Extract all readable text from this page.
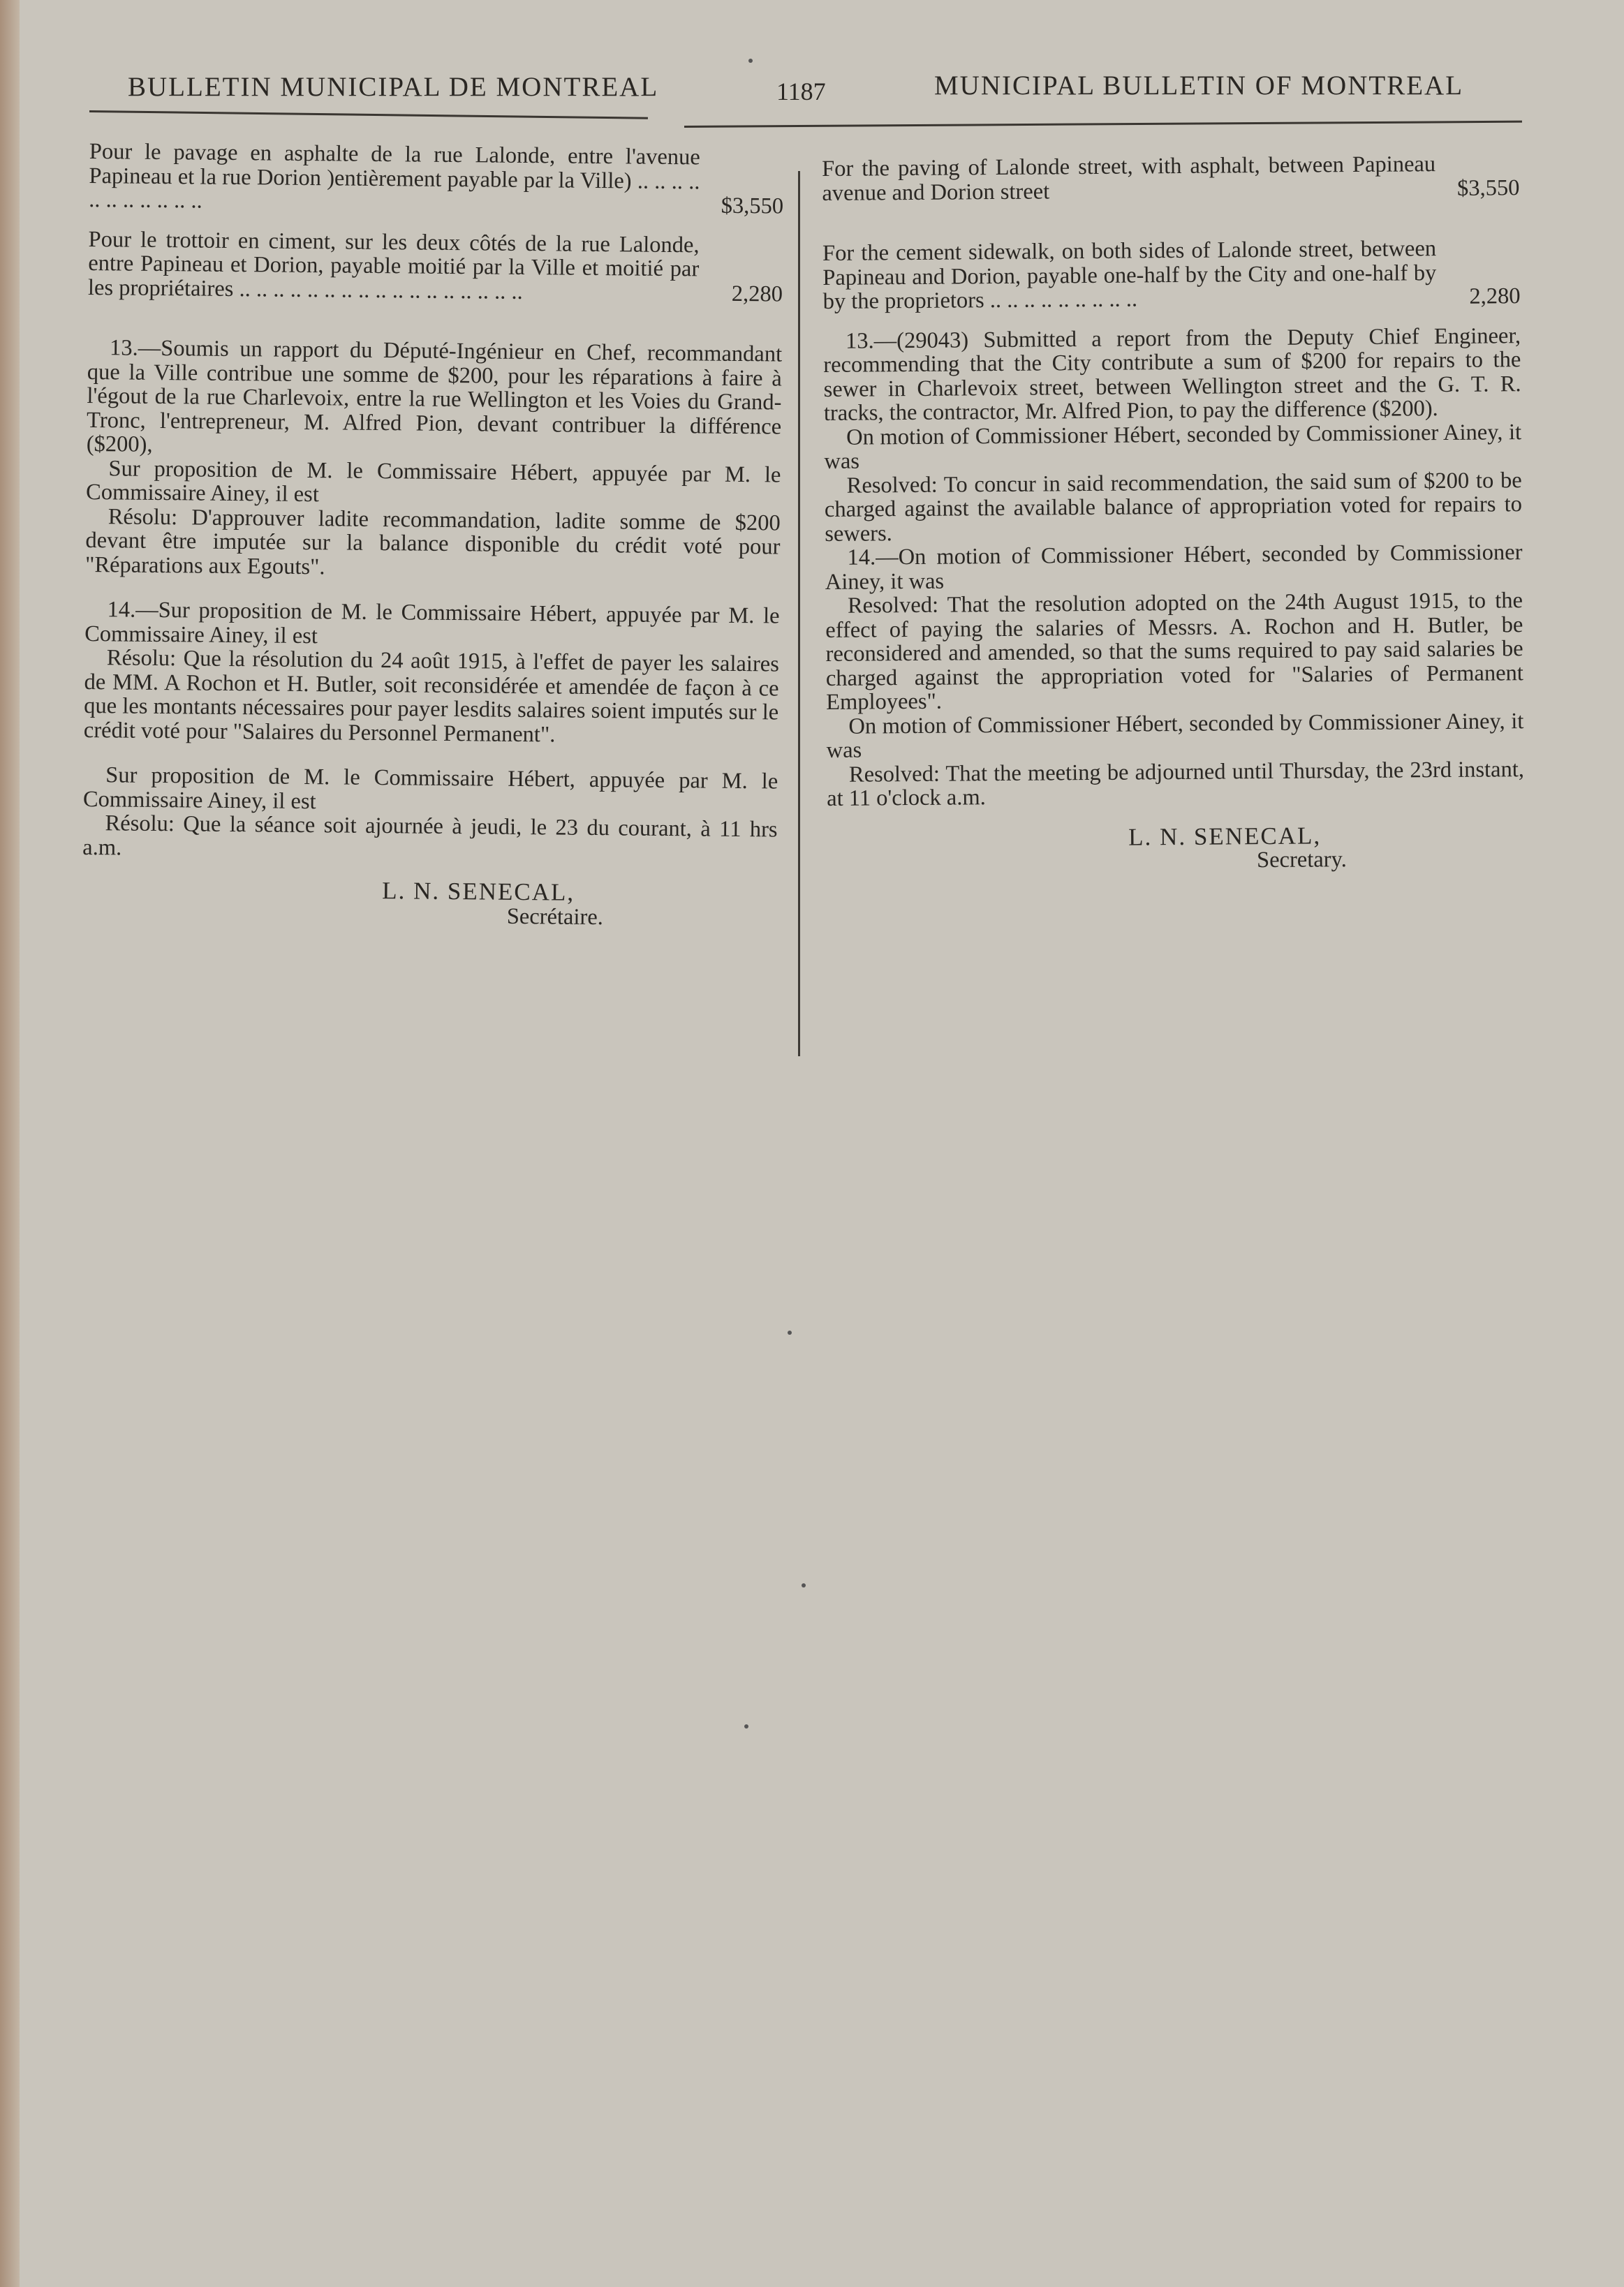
BULLETIN MUNICIPAL DE MONTREAL	1187	MUNICIPAL BULLETIN OF MONTREAL

Pour le pavage en asphalte de la rue Lalonde, entre l'avenue Papineau et la rue Dorion )entièrement payable par la Ville) .. .. .. .. .. .. .. .. .. .. ..	$3,550

Pour le trottoir en ciment, sur les deux côtés de la rue Lalonde, entre Papineau et Dorion, payable moitié par la Ville et moitié par les propriétaires .. .. .. .. .. .. .. .. .. .. .. .. .. .. .. .. ..	2,280

13.—Soumis un rapport du Député-Ingénieur en Chef, recommandant que la Ville contribue une somme de $200, pour les réparations à faire à l'égout de la rue Charlevoix, entre la rue Wellington et les Voies du Grand-Tronc, l'entrepreneur, M. Alfred Pion, devant contribuer la différence ($200),

Sur proposition de M. le Commissaire Hébert, appuyée par M. le Commissaire Ainey, il est

Résolu: D'approuver ladite recommandation, ladite somme de $200 devant être imputée sur la balance disponible du crédit voté pour "Réparations aux Egouts".

14.—Sur proposition de M. le Commissaire Hébert, appuyée par M. le Commissaire Ainey, il est

Résolu: Que la résolution du 24 août 1915, à l'effet de payer les salaires de MM. A Rochon et H. Butler, soit reconsidérée et amendée de façon à ce que les montants nécessaires pour payer lesdits salaires soient imputés sur le crédit voté pour "Salaires du Personnel Permanent".

Sur proposition de M. le Commissaire Hébert, appuyée par M. le Commissaire Ainey, il est

Résolu: Que la séance soit ajournée à jeudi, le 23 du courant, à 11 hrs a.m.

L. N. SENECAL,
Secrétaire.

For the paving of Lalonde street, with asphalt, between Papineau avenue and Dorion street	$3,550

For the cement sidewalk, on both sides of Lalonde street, between Papineau and Dorion, payable one-half by the City and one-half by by the proprietors .. .. .. .. .. .. .. .. ..	2,280

13.—(29043) Submitted a report from the Deputy Chief Engineer, recommending that the City contribute a sum of $200 for repairs to the sewer in Charlevoix street, between Wellington street and the G. T. R. tracks, the contractor, Mr. Alfred Pion, to pay the difference ($200).

On motion of Commissioner Hébert, seconded by Commissioner Ainey, it was

Resolved: To concur in said recommendation, the said sum of $200 to be charged against the available balance of appropriation voted for repairs to sewers.

14.—On motion of Commissioner Hébert, seconded by Commissioner Ainey, it was

Resolved: That the resolution adopted on the 24th August 1915, to the effect of paying the salaries of Messrs. A. Rochon and H. Butler, be reconsidered and amended, so that the sums required to pay said salaries be charged against the appropriation voted for "Salaries of Permanent Employees".

On motion of Commissioner Hébert, seconded by Commissioner Ainey, it was

Resolved: That the meeting be adjourned until Thursday, the 23rd instant, at 11 o'clock a.m.

L. N. SENECAL,
Secretary.
